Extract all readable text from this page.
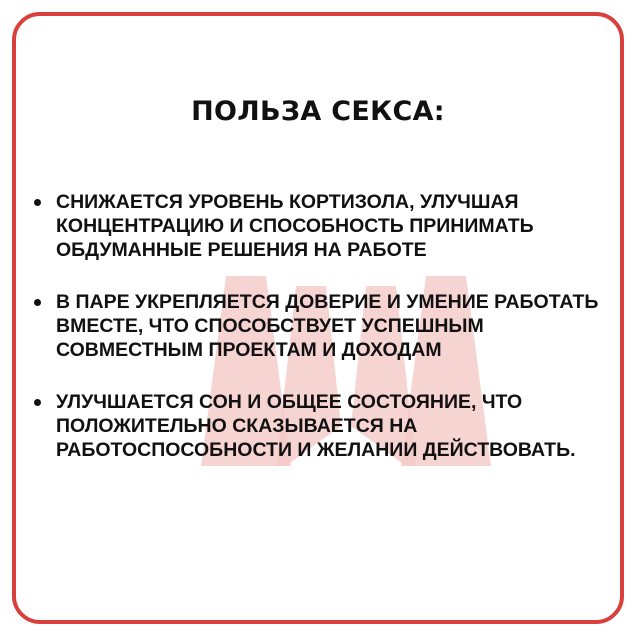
ПОЛЬЗА СЕКСА:
СНИЖАЕТСЯ УРОВЕНЬ КОРТИЗОЛА, УЛУЧШАЯ КОНЦЕНТРАЦИЮ И СПОСОБНОСТЬ ПРИНИМАТЬ ОБДУМАННЫЕ РЕШЕНИЯ НА РАБОТЕ
В ПАРЕ УКРЕПЛЯЕТСЯ ДОВЕРИЕ И УМЕНИЕ РАБОТАТЬ ВМЕСТЕ, ЧТО СПОСОБСТВУЕТ УСПЕШНЫМ СОВМЕСТНЫМ ПРОЕКТАМ И ДОХОДАМ
УЛУЧШАЕТСЯ СОН И ОБЩЕЕ СОСТОЯНИЕ, ЧТО ПОЛОЖИТЕЛЬНО СКАЗЫВАЕТСЯ НА РАБОТОСПОСОБНОСТИ И ЖЕЛАНИИ ДЕЙСТВОВАТЬ.
